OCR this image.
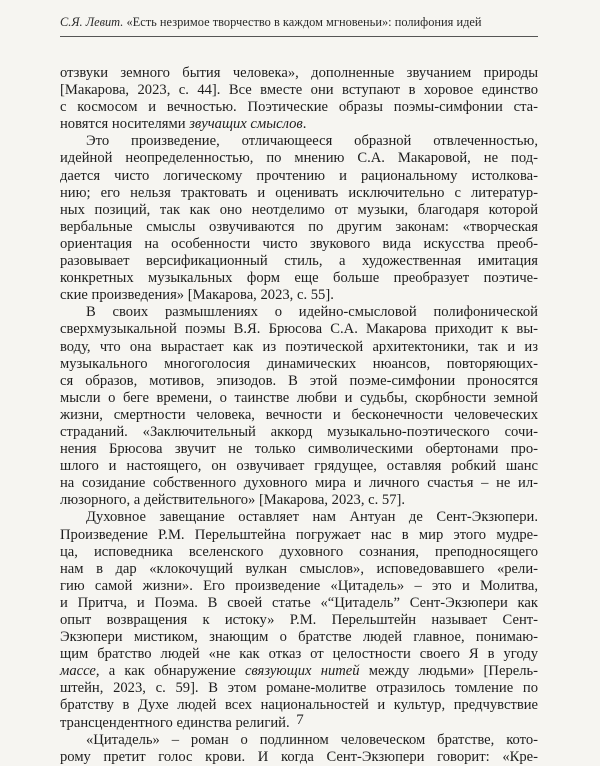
С.Я. Левит. «Есть незримое творчество в каждом мгновеньи»: полифония идей

отзвуки земного бытия человека», дополненные звучанием природы
[Макарова, 2023, с. 44]. Все вместе они вступают в хоровое единство
с космосом и вечностью. Поэтические образы поэмы-симфонии ста-
новятся носителями звучащих смыслов.

Это произведение, отличающееся образной отвлеченностью,
идейной неопределенностью, по мнению С.А. Макаровой, не под-
дается чисто логическому прочтению и рациональному истолкова-
нию; его нельзя трактовать и оценивать исключительно с литератур-
ных позиций, так как оно неотделимо от музыки, благодаря которой
вербальные смыслы озвучиваются по другим законам: «творческая
ориентация на особенности чисто звукового вида искусства преоб-
разовывает версификационный стиль, а художественная имитация
конкретных музыкальных форм еще больше преобразует поэтиче-
ские произведения» [Макарова, 2023, с. 55].

В своих размышлениях о идейно-смысловой полифонической
сверхмузыкальной поэмы В.Я. Брюсова С.А. Макарова приходит к вы-
воду, что она вырастает как из поэтической архитектоники, так и из
музыкального многоголосия динамических нюансов, повторяющих-
ся образов, мотивов, эпизодов. В этой поэме-симфонии проносятся
мысли о беге времени, о таинстве любви и судьбы, скорбности земной
жизни, смертности человека, вечности и бесконечности человеческих
страданий. «Заключительный аккорд музыкально-поэтического сочи-
нения Брюсова звучит не только символическими обертонами про-
шлого и настоящего, он озвучивает грядущее, оставляя робкий шанс
на созидание собственного духовного мира и личного счастья – не ил-
люзорного, а действительного» [Макарова, 2023, с. 57].

Духовное завещание оставляет нам Антуан де Сент-Экзюпери.
Произведение Р.М. Перельштейна погружает нас в мир этого мудре-
ца, исповедника вселенского духовного сознания, преподносящего
нам в дар «клокочущий вулкан смыслов», исповедовавшего «рели-
гию самой жизни». Его произведение «Цитадель» – это и Молитва,
и Притча, и Поэма. В своей статье «“Цитадель” Сент-Экзюпери как
опыт возвращения к истоку» Р.М. Перельштейн называет Сент-
Экзюпери мистиком, знающим о братстве людей главное, понимаю-
щим братство людей «не как отказ от целостности своего Я в угоду
массе, а как обнаружение связующих нитей между людьми» [Перель-
штейн, 2023, с. 59]. В этом романе-молитве отразилось томление по
братству в Духе людей всех национальностей и культур, предчувствие
трансцендентного единства религий.

«Цитадель» – роман о подлинном человеческом братстве, кото-
рому претит голос крови. И когда Сент-Экзюпери говорит: «Кре-

7
